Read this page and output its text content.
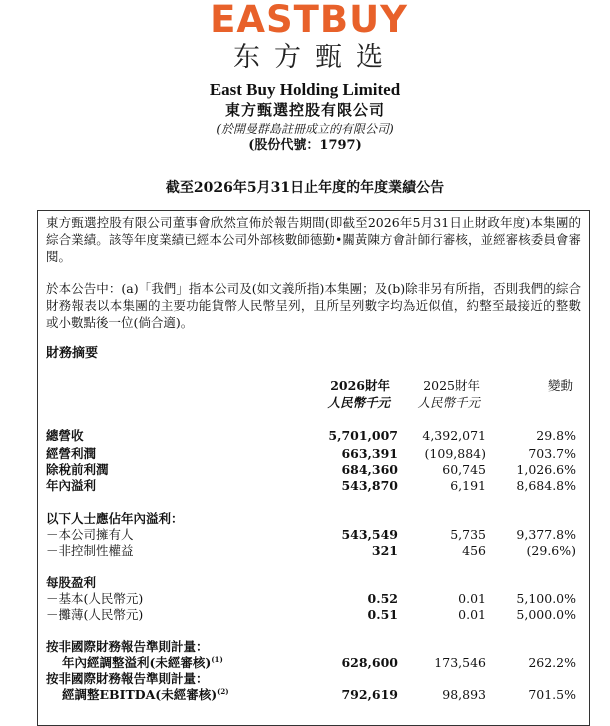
EASTBUY
东方甄选
East Buy Holding Limited
東方甄選控股有限公司
(於開曼群島註冊成立的有限公司)
(股份代號：1797)
截至2026年5月31日止年度的年度業績公告
東方甄選控股有限公司董事會欣然宣佈於報告期間(即截至2026年5月31日止財政年度)本集團的綜合業績。該等年度業績已經本公司外部核數師德勤•關黃陳方會計師行審核，並經審核委員會審閱。
於本公告中：(a)「我們」指本公司及(如文義所指)本集團；及(b)除非另有所指，否則我們的綜合財務報表以本集團的主要功能貨幣人民幣呈列，且所呈列數字均為近似值，約整至最接近的整數或小數點後一位(倘合適)。
財務摘要
2026財年
人民幣千元
2025財年
人民幣千元
變動
總營收	5,701,007 4,392,071	29.8%
經營利潤	663,391 (109,884)	703.7%
除稅前利潤	684,360	60,745 1,026.6%
年內溢利	543,870	6,191 8,684.8%
以下人士應佔年內溢利：
－本公司擁有人	543,549	5,735 9,377.8%
－非控制性權益	321	456	(29.6%)
每股盈利
－基本(人民幣元)	0.52	0.01 5,100.0%
－攤薄(人民幣元)	0.51	0.01 5,000.0%
按非國際財務報告準則計量：
年內經調整溢利(未經審核)$^{(1)}$	628,600	173,546	262.2%
按非國際財務報告準則計量：
經調整EBITDA(未經審核)$^{(2)}$	792,619	98,893	701.5%
